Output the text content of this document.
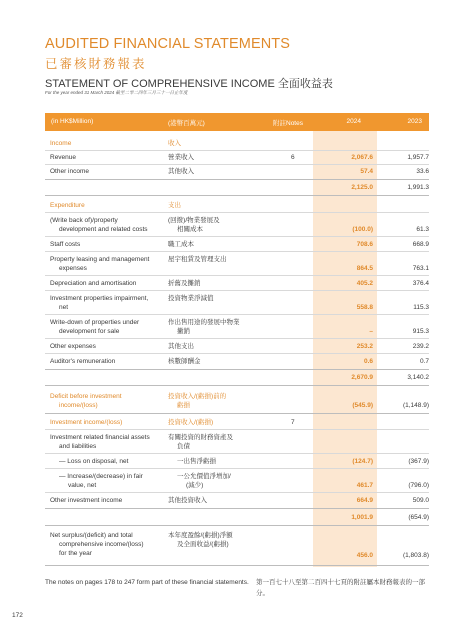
AUDITED FINANCIAL STATEMENTS
已審核財務報表
STATEMENT OF COMPREHENSIVE INCOME 全面收益表
For the year ended 31 March 2024 截至二零二四年三月三十一日止年度
(in HK$Million)	(港幣百萬元)	附註Notes	2024	2023
Income	收入
Revenue	營業收入	6	2,067.6	1,957.7
Other income	其他收入	57.4	33.6
2,125.0	1,991.3
Expenditure	支出
(Write back of)/property
development and related costs
(回撥)/物業發展及
相關成本	(100.0)	61.3
Staff costs	職工成本	708.6	668.9
Property leasing and management
expenses
屋宇租賃及管理支出
864.5	763.1
Depreciation and amortisation	折舊及攤銷	405.2	376.4
Investment properties impairment,
net
投資物業淨減值
558.8	115.3
Write-down of properties under
development for sale
作出售用途的發展中物業
撇銷	–	915.3
Other expenses	其他支出	253.2	239.2
Auditor's remuneration	核數師酬金	0.6	0.7
2,670.9	3,140.2
Deficit before investment
income/(loss)
投資收入/(虧損)前的
虧損	(545.9)	(1,148.9)
Investment income/(loss)	投資收入/(虧損)	7
Investment related financial assets
and liabilities
有關投資的財務資產及
負債
— Loss on disposal, net	一出售淨虧損	(124.7)	(367.9)
— Increase/(decrease) in fair
value, net
一公允價值淨增加/
(減少)	461.7	(796.0)
Other investment income	其他投資收入	664.9	509.0
1,001.9	(654.9)
Net surplus/(deficit) and total
comprehensive income/(loss)
for the year
本年度盈餘/(虧損)淨額
及全面收益/(虧損)
456.0	(1,803.8)
The notes on pages 178 to 247 form part of these financial statements. 第一百七十八至第二百四十七頁的附註屬本財務報表的一部分。
172
